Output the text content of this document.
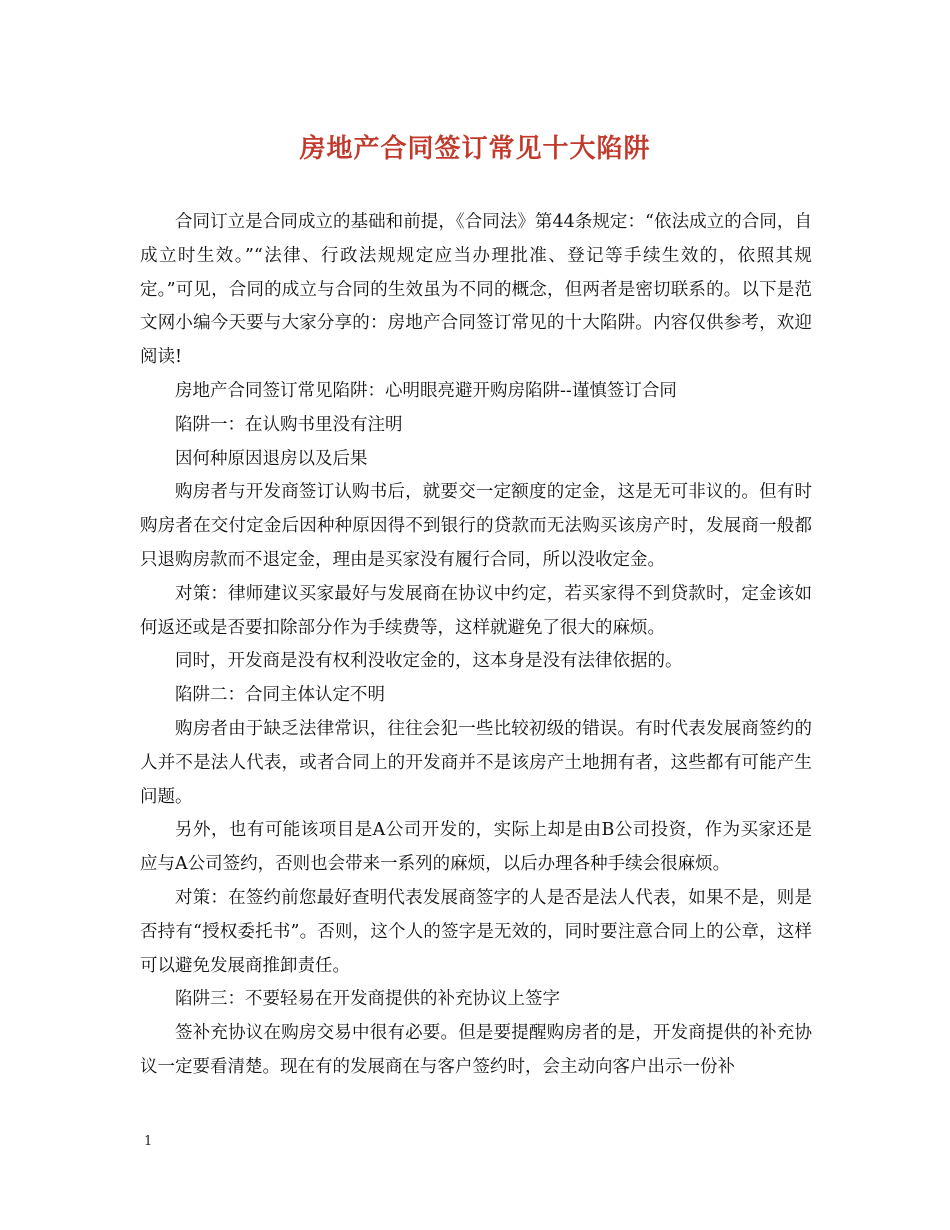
房地产合同签订常见十大陷阱

合同订立是合同成立的基础和前提，《合同法》第44条规定：“依法成立的合同，自成立时生效。”“法律、行政法规规定应当办理批准、登记等手续生效的，依照其规定。”可见，合同的成立与合同的生效虽为不同的概念，但两者是密切联系的。以下是范文网小编今天要与大家分享的：房地产合同签订常见的十大陷阱。内容仅供参考，欢迎阅读!

房地产合同签订常见陷阱：心明眼亮避开购房陷阱--谨慎签订合同

陷阱一：在认购书里没有注明

因何种原因退房以及后果

购房者与开发商签订认购书后，就要交一定额度的定金，这是无可非议的。但有时购房者在交付定金后因种种原因得不到银行的贷款而无法购买该房产时，发展商一般都只退购房款而不退定金，理由是买家没有履行合同，所以没收定金。

对策：律师建议买家最好与发展商在协议中约定，若买家得不到贷款时，定金该如何返还或是否要扣除部分作为手续费等，这样就避免了很大的麻烦。

同时，开发商是没有权利没收定金的，这本身是没有法律依据的。

陷阱二：合同主体认定不明

购房者由于缺乏法律常识，往往会犯一些比较初级的错误。有时代表发展商签约的人并不是法人代表，或者合同上的开发商并不是该房产土地拥有者，这些都有可能产生问题。

另外，也有可能该项目是A公司开发的，实际上却是由B公司投资，作为买家还是应与A公司签约，否则也会带来一系列的麻烦，以后办理各种手续会很麻烦。

对策：在签约前您最好查明代表发展商签字的人是否是法人代表，如果不是，则是否持有“授权委托书”。否则，这个人的签字是无效的，同时要注意合同上的公章，这样可以避免发展商推卸责任。

陷阱三：不要轻易在开发商提供的补充协议上签字

签补充协议在购房交易中很有必要。但是要提醒购房者的是，开发商提供的补充协议一定要看清楚。现在有的发展商在与客户签约时，会主动向客户出示一份补

1
